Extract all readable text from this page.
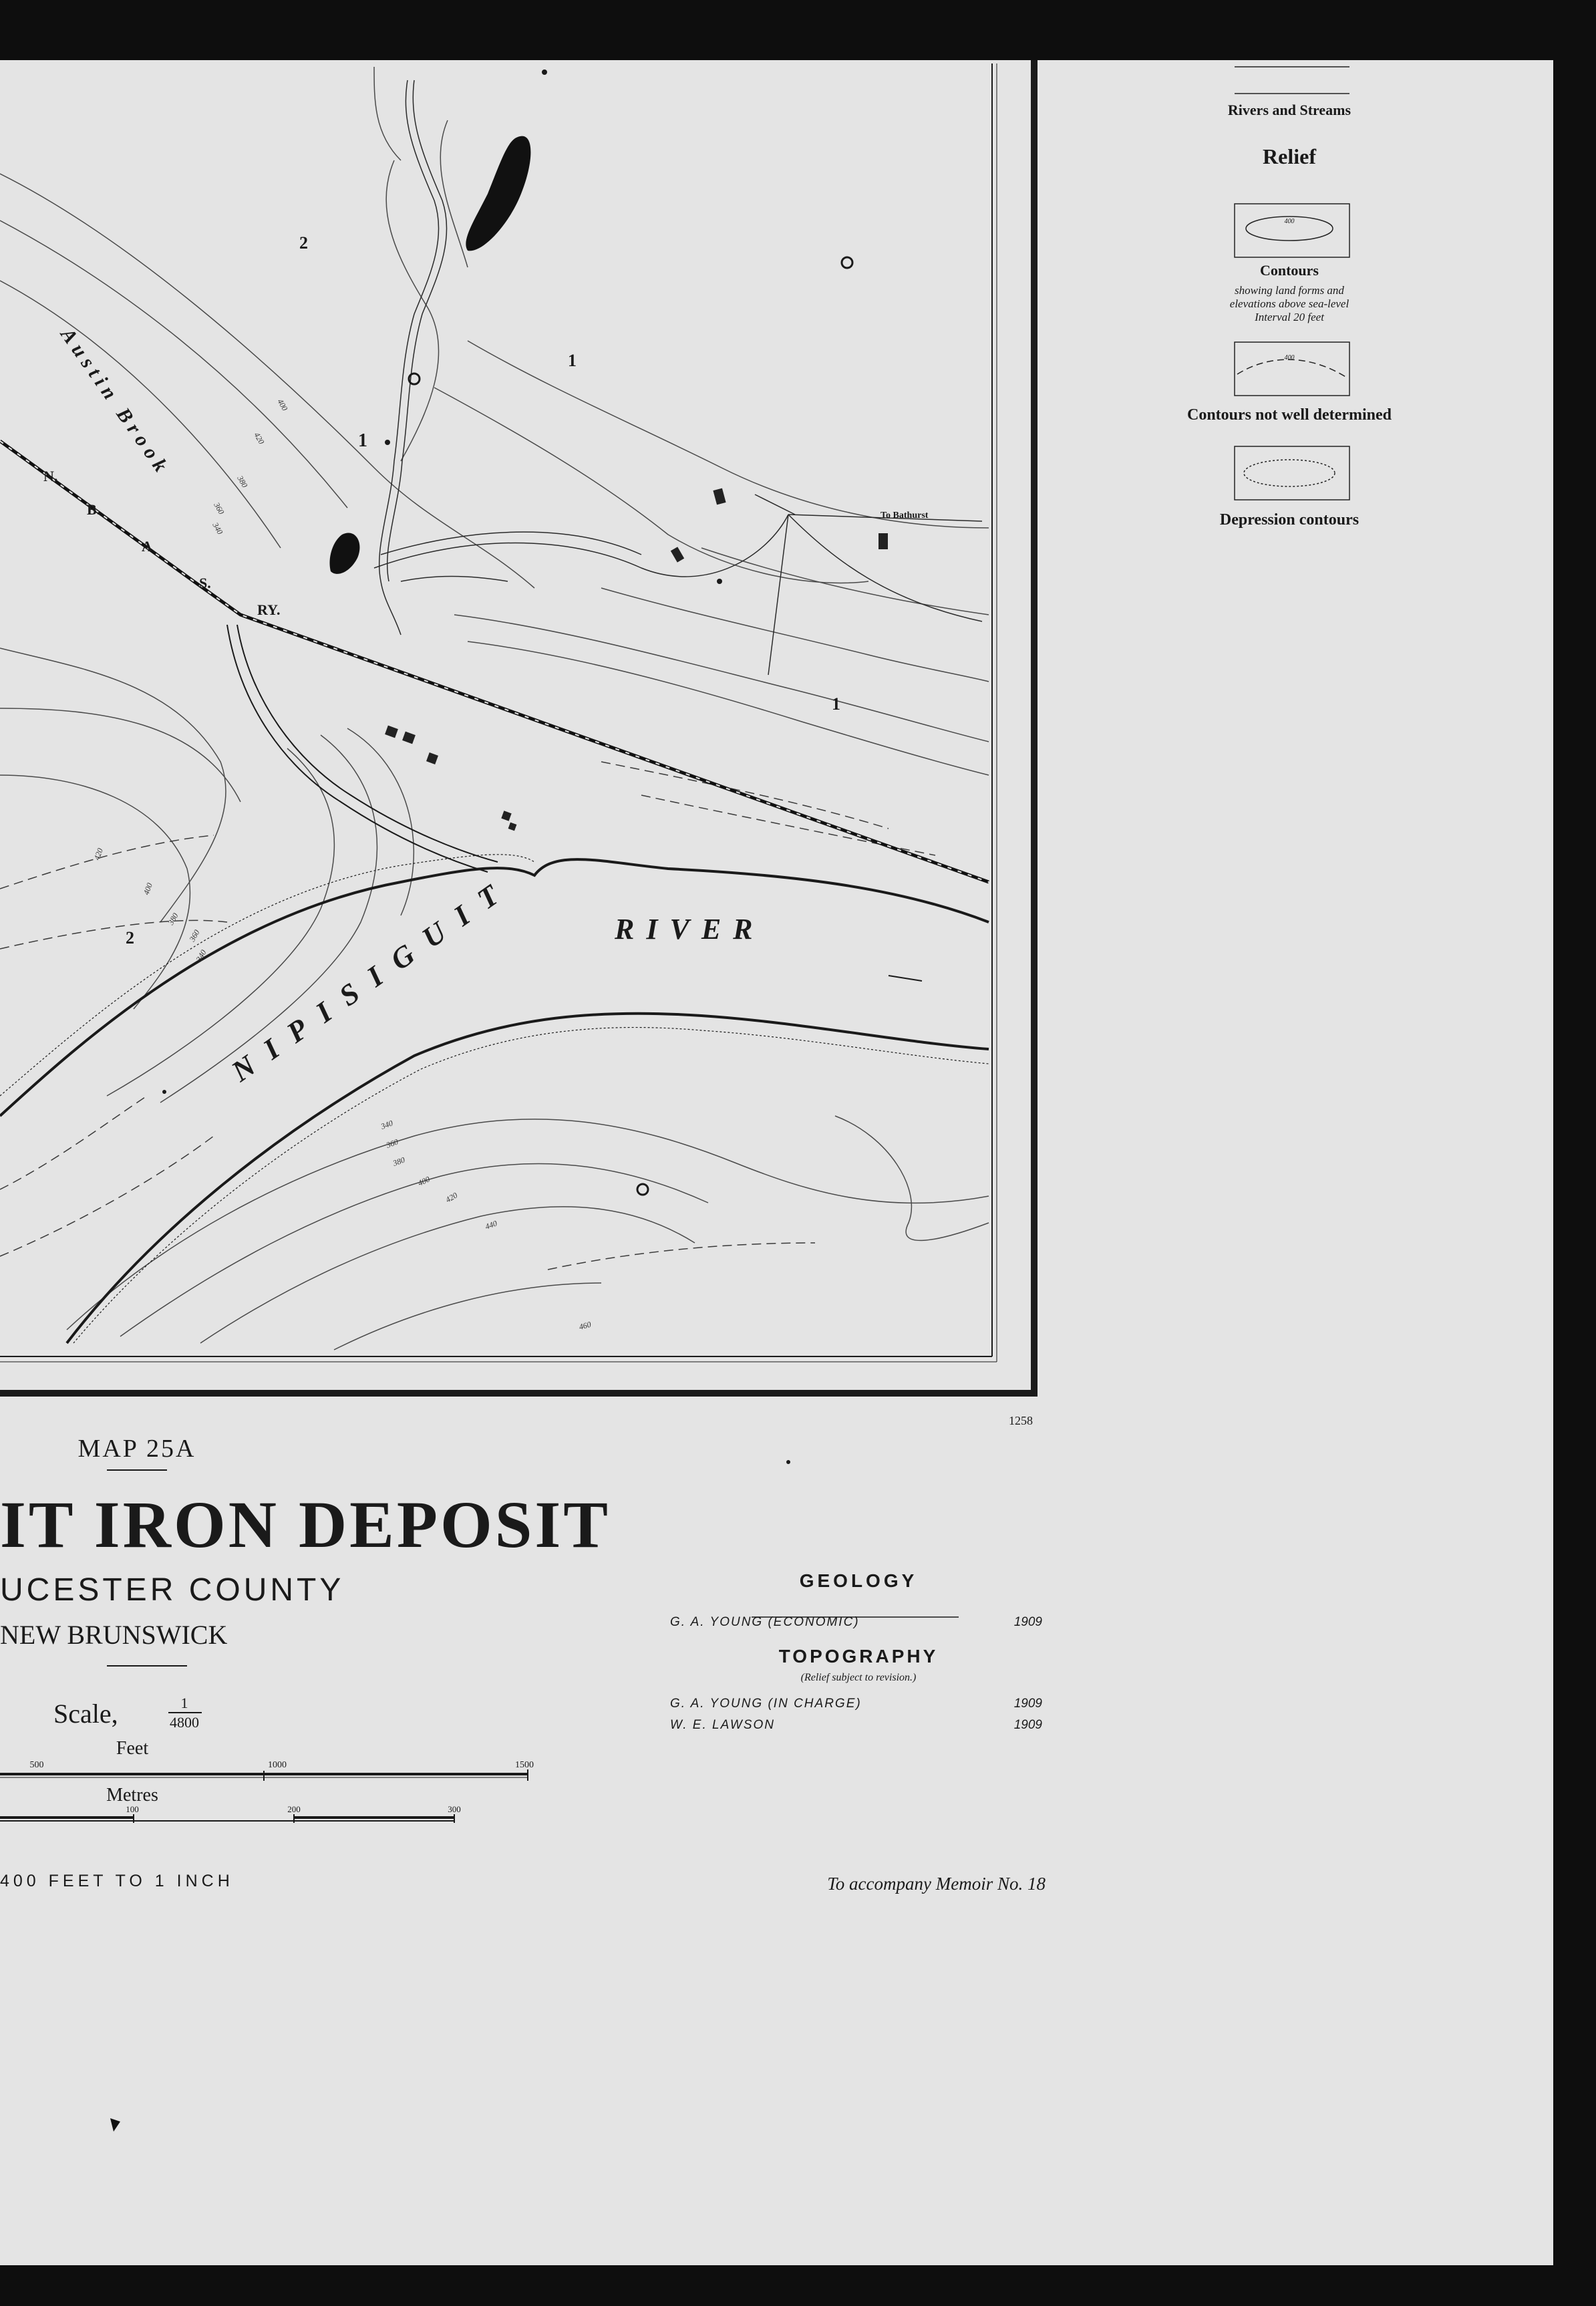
Austin Brook
N.
B.
A
S.
RY.
To Bathurst
NIPISIGUIT	RIVER
2
1
1
1
2
400
420
380
360
340
420
400
380
360
340
340
360
380
400
420
440
460
1258
Rivers and Streams
Relief
400
Contours
showing land forms and
elevations above sea-level
Interval 20 feet
400
Contours not well determined
Depression contours
MAP 25A
IT IRON DEPOSIT
UCESTER COUNTY
NEW BRUNSWICK
Scale,	1
4800
Feet
500	1000	1500
Metres
100	200	300
400 FEET TO 1 INCH
GEOLOGY
G. A. YOUNG (ECONOMIC)	1909
TOPOGRAPHY
(Relief subject to revision.)
G. A. YOUNG (IN CHARGE)	1909
W. E. LAWSON	1909
To accompany Memoir No. 18
